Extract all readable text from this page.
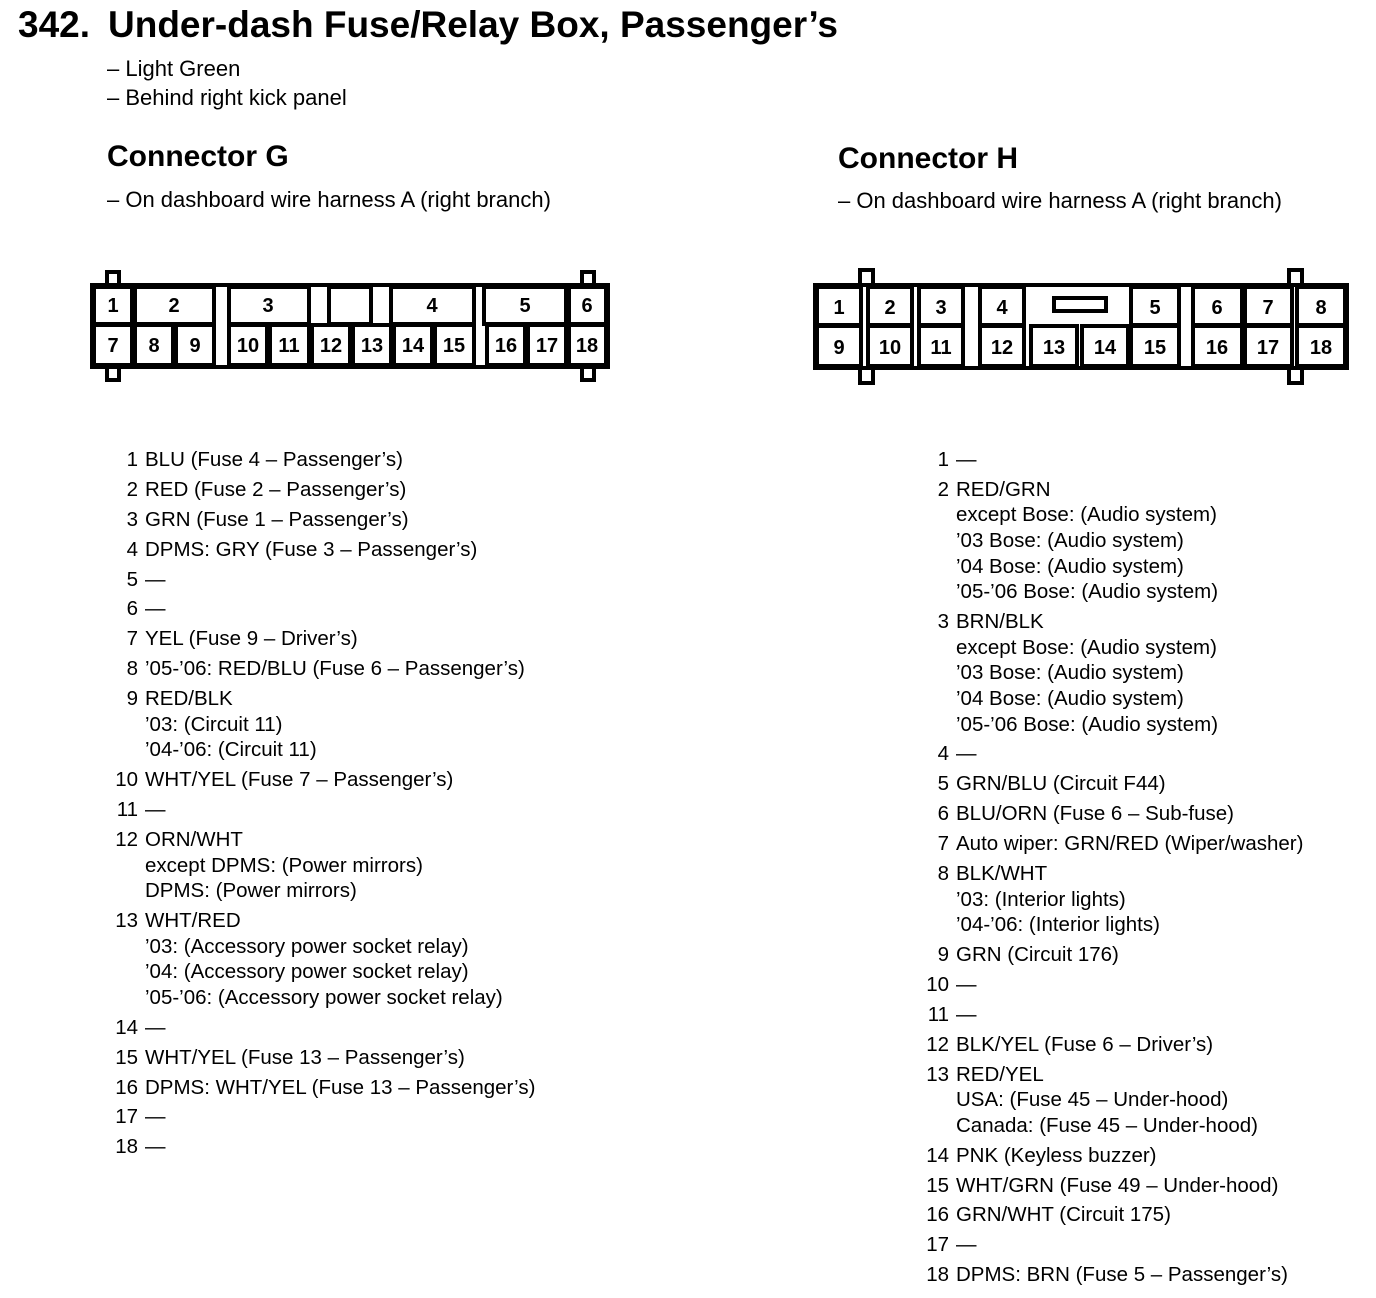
342. Under-dash Fuse/Relay Box, Passenger’s
– Light Green
– Behind right kick panel
Connector G
– On dashboard wire harness A (right branch)
Connector H
– On dashboard wire harness A (right branch)
1 2	3	4	5	6
7 8 9 10 11 12 13 14 15 16 17 18
1 2 3 4	5	6 7 8
9 10 11 12 13 14 15 16 17 18
1 BLU (Fuse 4 – Passenger’s)
2 RED (Fuse 2 – Passenger’s)
3 GRN (Fuse 1 – Passenger’s)
4 DPMS: GRY (Fuse 3 – Passenger’s)
5 —
6 —
7 YEL (Fuse 9 – Driver’s)
8 ’05-’06: RED/BLU (Fuse 6 – Passenger’s)
9 RED/BLK
’03: (Circuit 11)
’04-’06: (Circuit 11)
10 WHT/YEL (Fuse 7 – Passenger’s)
11 —
12 ORN/WHT
except DPMS: (Power mirrors)
DPMS: (Power mirrors)
13 WHT/RED
’03: (Accessory power socket relay)
’04: (Accessory power socket relay)
’05-’06: (Accessory power socket relay)
14 —
15 WHT/YEL (Fuse 13 – Passenger’s)
16 DPMS: WHT/YEL (Fuse 13 – Passenger’s)
17 —
18 —
1 —
2 RED/GRN
except Bose: (Audio system)
’03 Bose: (Audio system)
’04 Bose: (Audio system)
’05-’06 Bose: (Audio system)
3 BRN/BLK
except Bose: (Audio system)
’03 Bose: (Audio system)
’04 Bose: (Audio system)
’05-’06 Bose: (Audio system)
4 —
5 GRN/BLU (Circuit F44)
6 BLU/ORN (Fuse 6 – Sub-fuse)
7 Auto wiper: GRN/RED (Wiper/washer)
8 BLK/WHT
’03: (Interior lights)
’04-’06: (Interior lights)
9 GRN (Circuit 176)
10 —
11 —
12 BLK/YEL (Fuse 6 – Driver’s)
13 RED/YEL
USA: (Fuse 45 – Under-hood)
Canada: (Fuse 45 – Under-hood)
14 PNK (Keyless buzzer)
15 WHT/GRN (Fuse 49 – Under-hood)
16 GRN/WHT (Circuit 175)
17 —
18 DPMS: BRN (Fuse 5 – Passenger’s)
